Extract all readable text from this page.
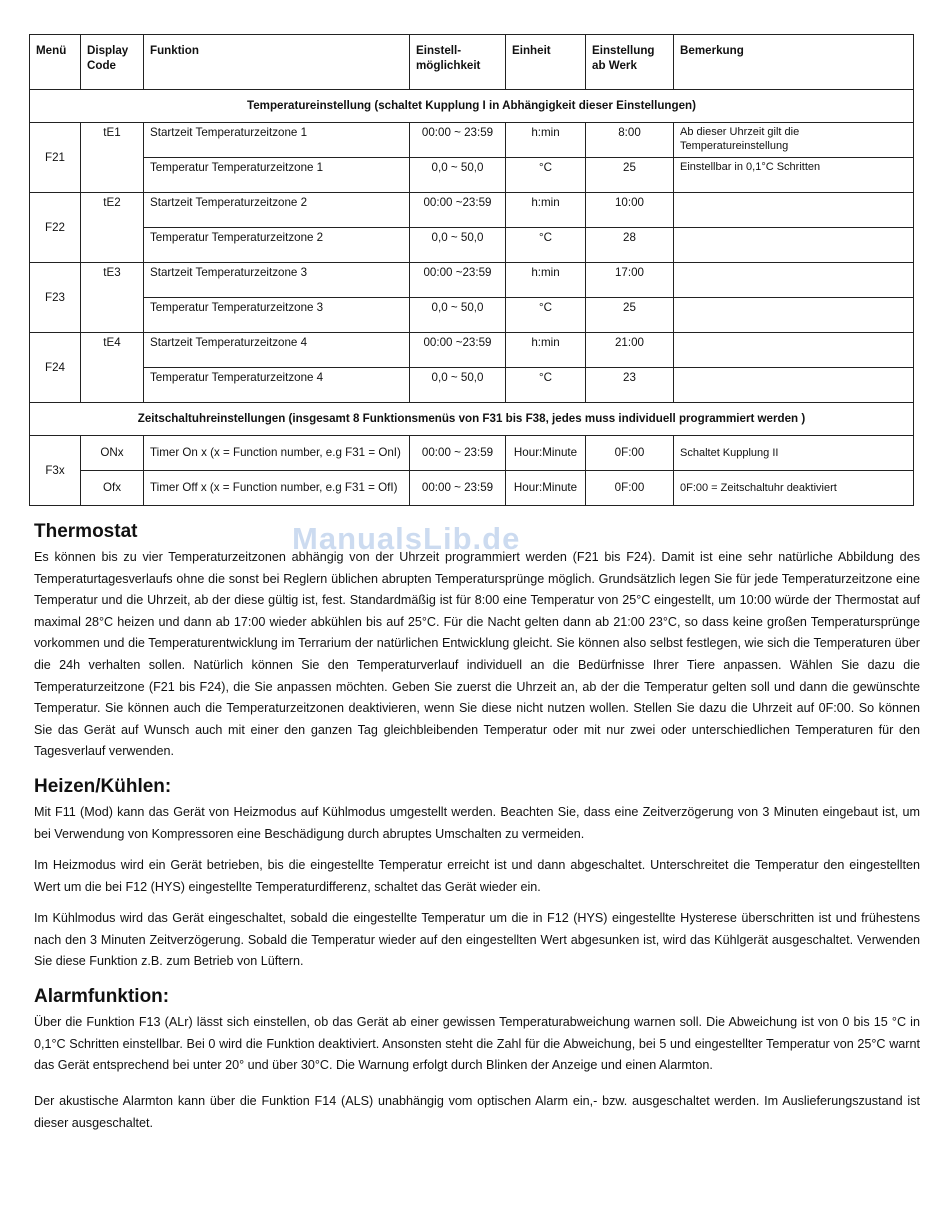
Menü	Display Code	Funktion	Einstell-möglichkeit	Einheit	Einstellung ab Werk	Bemerkung
Temperatureinstellung (schaltet Kupplung I in Abhängigkeit dieser Einstellungen)						
F21	tE1	Startzeit Temperaturzeitzone 1	00:00 ~ 23:59	h:min	8:00	Ab dieser Uhrzeit gilt die Temperatureinstellung
		Temperatur Temperaturzeitzone 1	0,0 ~ 50,0	°C	25	Einstellbar in 0,1°C Schritten
F22	tE2	Startzeit Temperaturzeitzone 2	00:00 ~23:59	h:min	10:00	
		Temperatur Temperaturzeitzone 2	0,0 ~ 50,0	°C	28	
F23	tE3	Startzeit Temperaturzeitzone 3	00:00 ~23:59	h:min	17:00	
		Temperatur Temperaturzeitzone 3	0,0 ~ 50,0	°C	25	
F24	tE4	Startzeit Temperaturzeitzone 4	00:00 ~23:59	h:min	21:00	
		Temperatur Temperaturzeitzone 4	0,0 ~ 50,0	°C	23	
Zeitschaltuhreinstellungen (insgesamt 8 Funktionsmenüs von F31 bis F38, jedes muss individuell programmiert werden )						
F3x	ONx	Timer On x (x = Function number, e.g F31 = OnI)	00:00 ~ 23:59	Hour:Minute	0F:00	Schaltet Kupplung II
	Ofx	Timer Off x (x = Function number, e.g F31 = OfI)	00:00 ~ 23:59	Hour:Minute	0F:00	0F:00 = Zeitschaltuhr deaktiviert
Thermostat	ManualsLib.de

Es können bis zu vier Temperaturzeitzonen abhängig von der Uhrzeit programmiert werden (F21 bis F24). Damit ist eine sehr natürliche Abbildung des Temperaturtagesverlaufs ohne die sonst bei Reglern üblichen abrupten Temperatursprünge möglich. Grundsätzlich legen Sie für jede Temperaturzeitzone eine Temperatur und die Uhrzeit, ab der diese gültig ist, fest. Standardmäßig ist für 8:00 eine Temperatur von 25°C eingestellt, um 10:00 würde der Thermostat auf maximal 28°C heizen und dann ab 17:00 wieder abkühlen bis auf 25°C. Für die Nacht gelten dann ab 21:00 23°C, so dass keine großen Temperatursprünge vorkommen und die Temperaturentwicklung im Terrarium der natürlichen Entwicklung gleicht. Sie können also selbst festlegen, wie sich die Temperaturen über die 24h verhalten sollen. Natürlich können Sie den Temperaturverlauf individuell an die Bedürfnisse Ihrer Tiere anpassen. Wählen Sie dazu die Temperaturzeitzone (F21 bis F24), die Sie anpassen möchten. Geben Sie zuerst die Uhrzeit an, ab der die Temperatur gelten soll und dann die gewünschte Temperatur. Sie können auch die Temperaturzeitzonen deaktivieren, wenn Sie diese nicht nutzen wollen. Stellen Sie dazu die Uhrzeit auf 0F:00. So können Sie das Gerät auf Wunsch auch mit einer den ganzen Tag gleichbleibenden Temperatur oder mit nur zwei oder unterschiedlichen Temperaturen für den Tagesverlauf verwenden.

Heizen/Kühlen:

Mit F11 (Mod) kann das Gerät von Heizmodus auf Kühlmodus umgestellt werden. Beachten Sie, dass eine Zeitverzögerung von 3 Minuten eingebaut ist, um bei Verwendung von Kompressoren eine Beschädigung durch abruptes Umschalten zu vermeiden.

Im Heizmodus wird ein Gerät betrieben, bis die eingestellte Temperatur erreicht ist und dann abgeschaltet. Unterschreitet die Temperatur den eingestellten Wert um die bei F12 (HYS) eingestellte Temperaturdifferenz, schaltet das Gerät wieder ein.

Im Kühlmodus wird das Gerät eingeschaltet, sobald die eingestellte Temperatur um die in F12 (HYS) eingestellte Hysterese überschritten ist und frühestens nach den 3 Minuten Zeitverzögerung. Sobald die Temperatur wieder auf den eingestellten Wert abgesunken ist, wird das Kühlgerät ausgeschaltet. Verwenden Sie diese Funktion z.B. zum Betrieb von Lüftern.

Alarmfunktion:

Über die Funktion F13 (ALr) lässt sich einstellen, ob das Gerät ab einer gewissen Temperaturabweichung warnen soll. Die Abweichung ist von 0 bis 15 °C in 0,1°C Schritten einstellbar. Bei 0 wird die Funktion deaktiviert. Ansonsten steht die Zahl für die Abweichung, bei 5 und eingestellter Temperatur von 25°C warnt das Gerät entsprechend bei unter 20° und über 30°C. Die Warnung erfolgt durch Blinken der Anzeige und einen Alarmton.

Der akustische Alarmton kann über die Funktion F14 (ALS) unabhängig vom optischen Alarm ein,- bzw. ausgeschaltet werden. Im Auslieferungszustand ist dieser ausgeschaltet.
